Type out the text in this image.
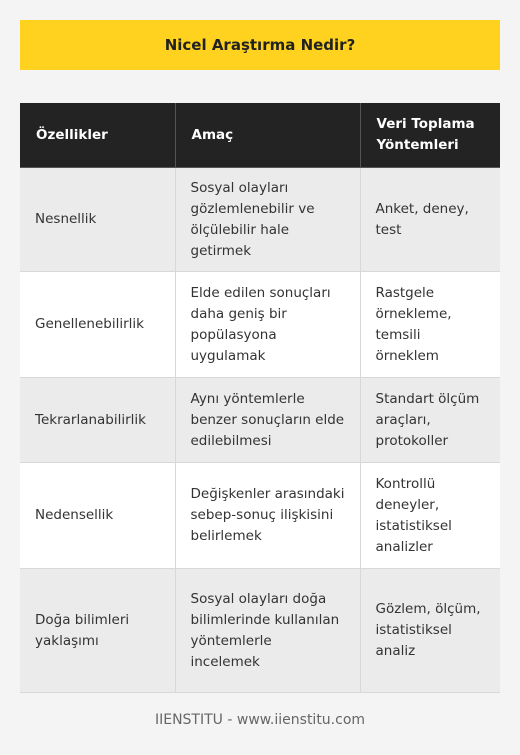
Nicel Araştırma Nedir?
Özellikler	Amaç	Veri Toplama Yöntemleri
Nesnellik	Sosyal olayları gözlemlenebilir ve ölçülebilir hale getirmek	Anket, deney, test
Genellenebilirlik	Elde edilen sonuçları daha geniş bir popülasyona uygulamak	Rastgele örnekleme, temsili örneklem
Tekrarlanabilirlik	Aynı yöntemlerle benzer sonuçların elde edilebilmesi	Standart ölçüm araçları, protokoller
Nedensellik	Değişkenler arasındaki sebep-sonuç ilişkisini belirlemek	Kontrollü deneyler, istatistiksel analizler
Doğa bilimleri yaklaşımı	Sosyal olayları doğa bilimlerinde kullanılan yöntemlerle incelemek	Gözlem, ölçüm, istatistiksel analiz
IIENSTITU - www.iienstitu.com
